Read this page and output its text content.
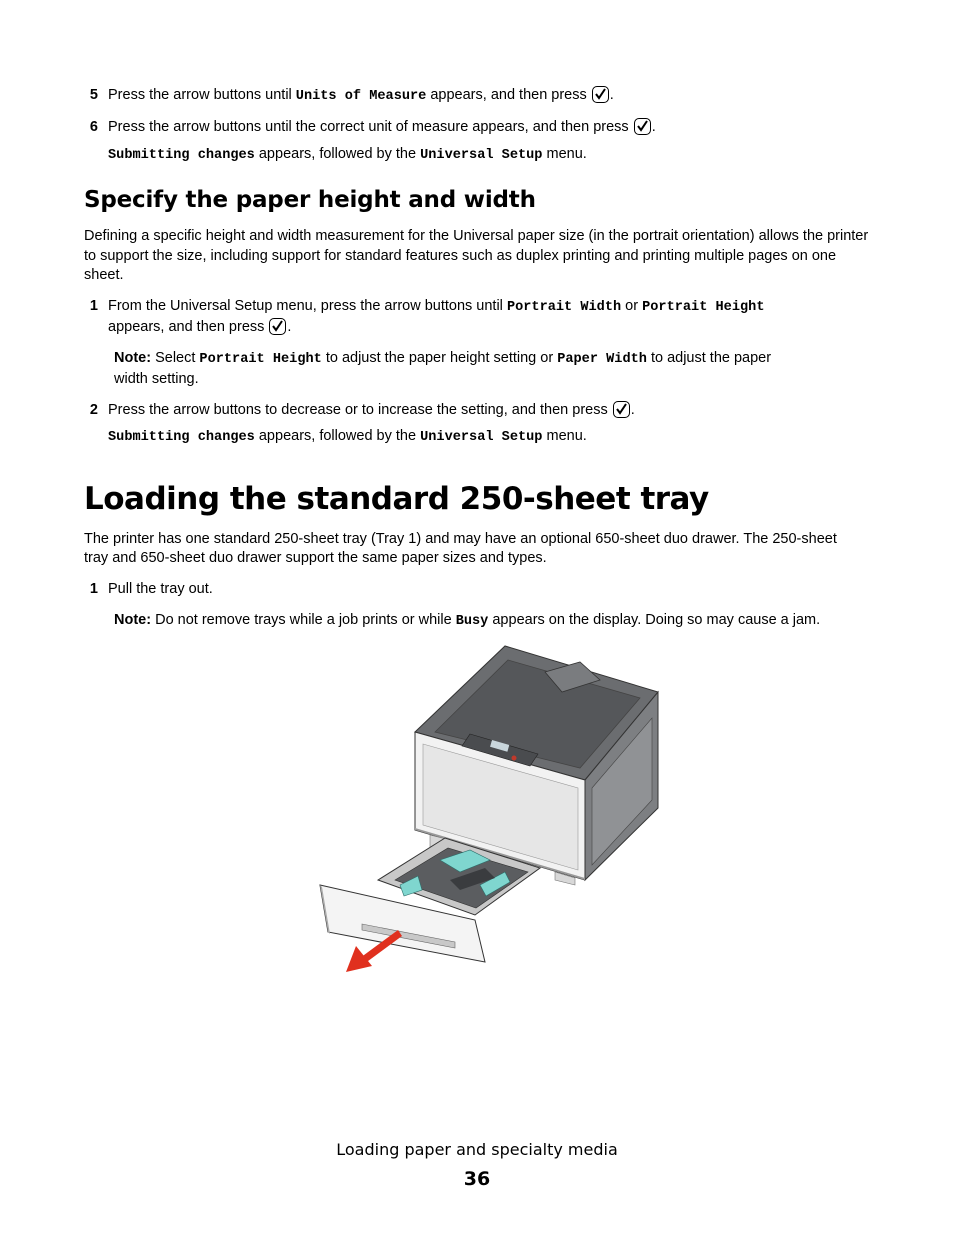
5 Press the arrow buttons until Units of Measure appears, and then press
.
6 Press the arrow buttons until the correct unit of measure appears, and then press
.
Submitting changes appears, followed by the Universal Setup menu.
Specify the paper height and width
Defining a specific height and width measurement for the Universal paper size (in the portrait orientation) allows the printer to support the size, including support for standard features such as duplex printing and printing multiple pages on one sheet.
1 From the Universal Setup menu, press the arrow buttons until Portrait Width or Portrait Height
appears, and then press
.
Note: Select Portrait Height to adjust the paper height setting or Paper Width to adjust the paper
width setting.
2 Press the arrow buttons to decrease or to increase the setting, and then press
.
Submitting changes appears, followed by the Universal Setup menu.
Loading the standard 250-sheet tray
The printer has one standard 250-sheet tray (Tray 1) and may have an optional 650-sheet duo drawer. The 250-sheet
tray and 650-sheet duo drawer support the same paper sizes and types.
1 Pull the tray out.
Note: Do not remove trays while a job prints or while Busy appears on the display. Doing so may cause a jam.
Loading paper and specialty media
36
